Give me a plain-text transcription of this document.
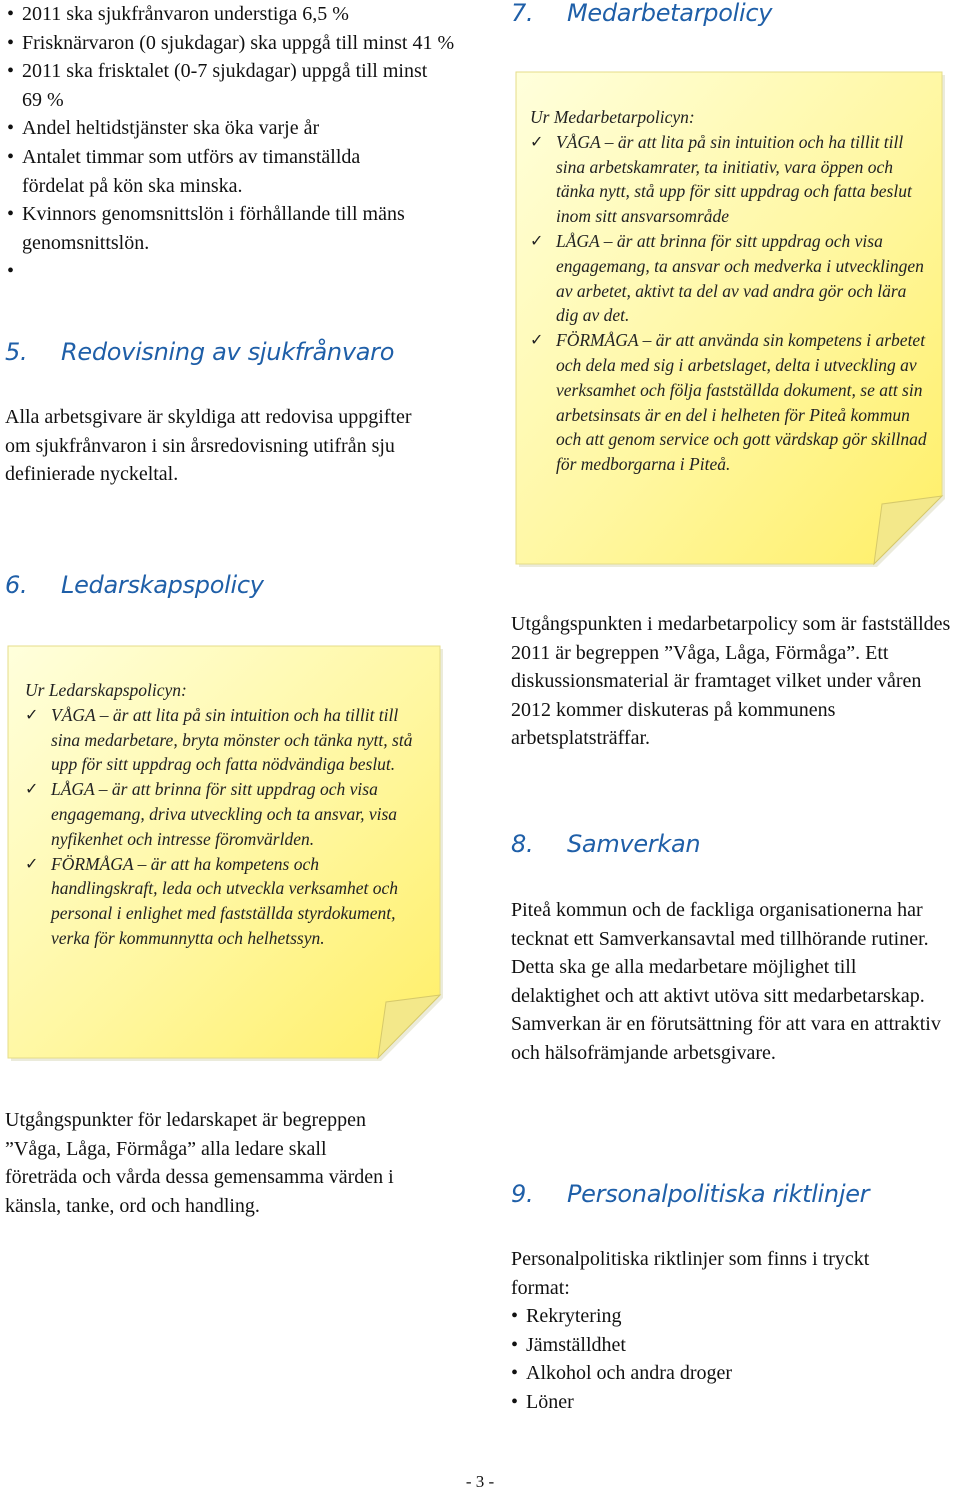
• 2011 ska sjukfrånvaron understiga 6,5 %
• Frisknärvaron (0 sjukdagar) ska uppgå till minst 41 %
• 2011 ska frisktalet (0-7 sjukdagar) uppgå till minst 69 %
• Andel heltidstjänster ska öka varje år
• Antalet timmar som utförs av timanställda fördelat på kön ska minska.
• Kvinnors genomsnittslön i förhållande till mäns genomsnittslön.
•
5. Redovisning av sjukfrånvaro

Alla arbetsgivare är skyldiga att redovisa uppgifter om sjukfrånvaron i sin årsredovisning utifrån sju definierade nyckeltal.

6. Ledarskapspolicy
Ur Ledarskapspolicyn:
✓ VÅGA – är att lita på sin intuition och ha tillit till sina medarbetare, bryta mönster och tänka nytt, stå upp för sitt uppdrag och fatta nödvändiga beslut.
✓ LÅGA – är att brinna för sitt uppdrag och visa engagemang, driva utveckling och ta ansvar, visa nyfikenhet och intresse föromvärlden.
✓ FÖRMÅGA – är att ha kompetens och handlingskraft, leda och utveckla verksamhet och personal i enlighet med fastställda styrdokument, verka för kommunnytta och helhetssyn.

Utgångspunkter för ledarskapet är begreppen ”Våga, Låga, Förmåga” alla ledare skall företräda och vårda dessa gemensamma värden i känsla, tanke, ord och handling.

7. Medarbetarpolicy
Ur Medarbetarpolicyn:
✓ VÅGA – är att lita på sin intuition och ha tillit till sina arbetskamrater, ta initiativ, vara öppen och tänka nytt, stå upp för sitt uppdrag och fatta beslut inom sitt ansvarsområde
✓ LÅGA – är att brinna för sitt uppdrag och visa engagemang, ta ansvar och medverka i utvecklingen av arbetet, aktivt ta del av vad andra gör och lära dig av det.
✓ FÖRMÅGA – är att använda sin kompetens i arbetet och dela med sig i arbetslaget, delta i utveckling av verksamhet och följa fastställda dokument, se att sin arbetsinsats är en del i helheten för Piteå kommun och att genom service och gott värdskap gör skillnad för medborgarna i Piteå.

Utgångspunkten i medarbetarpolicy som är fastställdes 2011 är begreppen ”Våga, Låga, Förmåga”. Ett diskussionsmaterial är framtaget vilket under våren 2012 kommer diskuteras på kommunens arbetsplatsträffar.

8. Samverkan

Piteå kommun och de fackliga organisationerna har tecknat ett Samverkansavtal med tillhörande rutiner. Detta ska ge alla medarbetare möjlighet till delaktighet och att aktivt utöva sitt medarbetarskap. Samverkan är en förutsättning för att vara en attraktiv och hälsofrämjande arbetsgivare.

9. Personalpolitiska riktlinjer

Personalpolitiska riktlinjer som finns i tryckt format:

• Rekrytering
• Jämställdhet
• Alkohol och andra droger
• Löner
- 3 -
